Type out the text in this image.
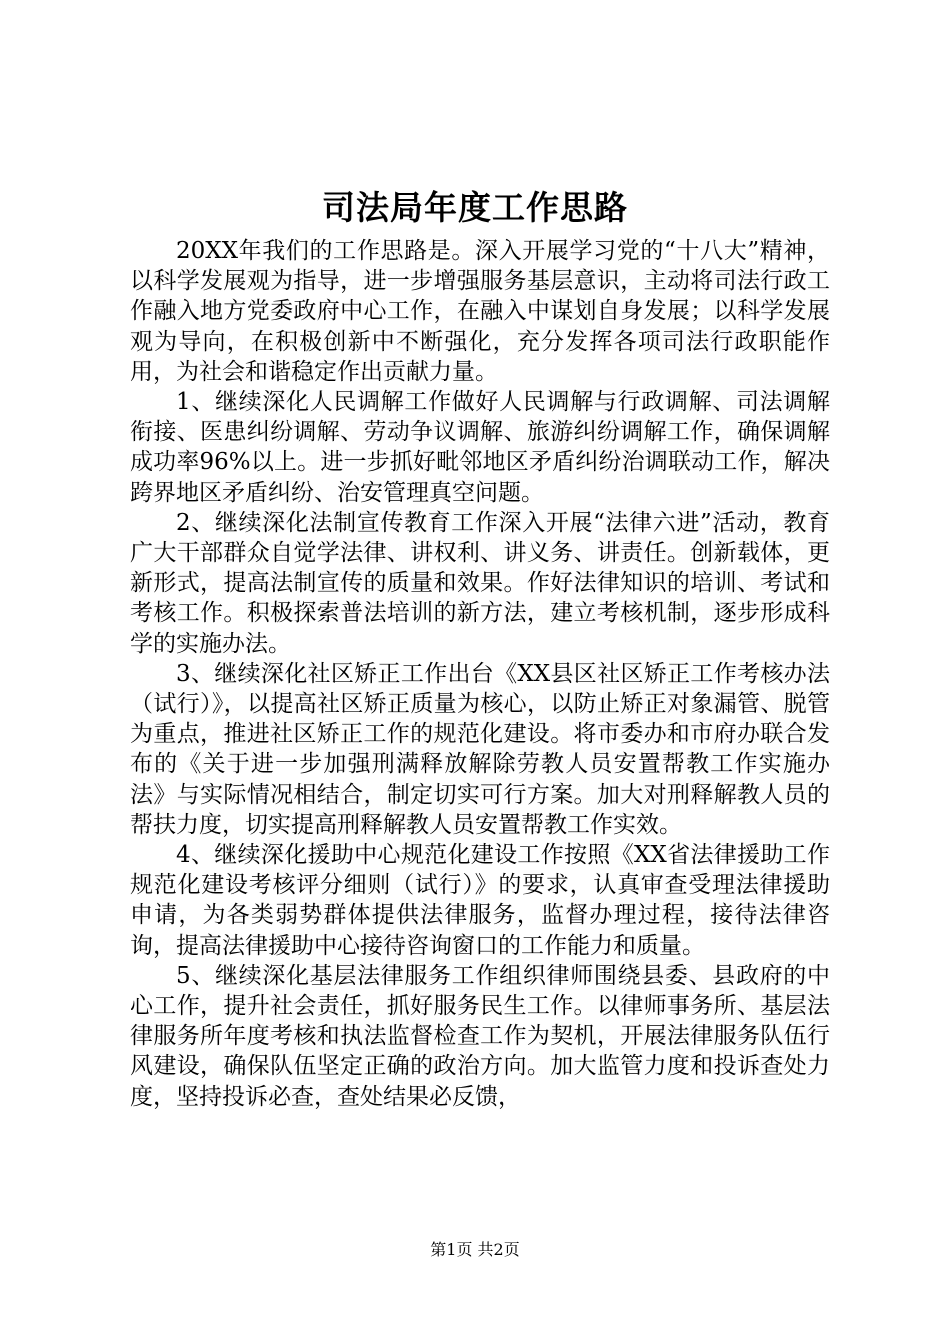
司法局年度工作思路

20XX年我们的工作思路是。深入开展学习党的“十八大”精神，以科学发展观为指导，进一步增强服务基层意识，主动将司法行政工作融入地方党委政府中心工作，在融入中谋划自身发展；以科学发展观为导向，在积极创新中不断强化，充分发挥各项司法行政职能作用，为社会和谐稳定作出贡献力量。

1、继续深化人民调解工作做好人民调解与行政调解、司法调解衔接、医患纠纷调解、劳动争议调解、旅游纠纷调解工作，确保调解成功率96%以上。进一步抓好毗邻地区矛盾纠纷治调联动工作，解决跨界地区矛盾纠纷、治安管理真空问题。

2、继续深化法制宣传教育工作深入开展“法律六进”活动，教育广大干部群众自觉学法律、讲权利、讲义务、讲责任。创新载体，更新形式，提高法制宣传的质量和效果。作好法律知识的培训、考试和考核工作。积极探索普法培训的新方法，建立考核机制，逐步形成科学的实施办法。

3、继续深化社区矫正工作出台《XX县区社区矫正工作考核办法（试行）》，以提高社区矫正质量为核心，以防止矫正对象漏管、脱管为重点，推进社区矫正工作的规范化建设。将市委办和市府办联合发布的《关于进一步加强刑满释放解除劳教人员安置帮教工作实施办法》与实际情况相结合，制定切实可行方案。加大对刑释解教人员的帮扶力度，切实提高刑释解教人员安置帮教工作实效。

4、继续深化援助中心规范化建设工作按照《XX省法律援助工作规范化建设考核评分细则（试行）》的要求，认真审查受理法律援助申请，为各类弱势群体提供法律服务，监督办理过程，接待法律咨询，提高法律援助中心接待咨询窗口的工作能力和质量。

5、继续深化基层法律服务工作组织律师围绕县委、县政府的中心工作，提升社会责任，抓好服务民生工作。以律师事务所、基层法律服务所年度考核和执法监督检查工作为契机，开展法律服务队伍行风建设，确保队伍坚定正确的政治方向。加大监管力度和投诉查处力度，坚持投诉必查，查处结果必反馈，

第1页 共2页
